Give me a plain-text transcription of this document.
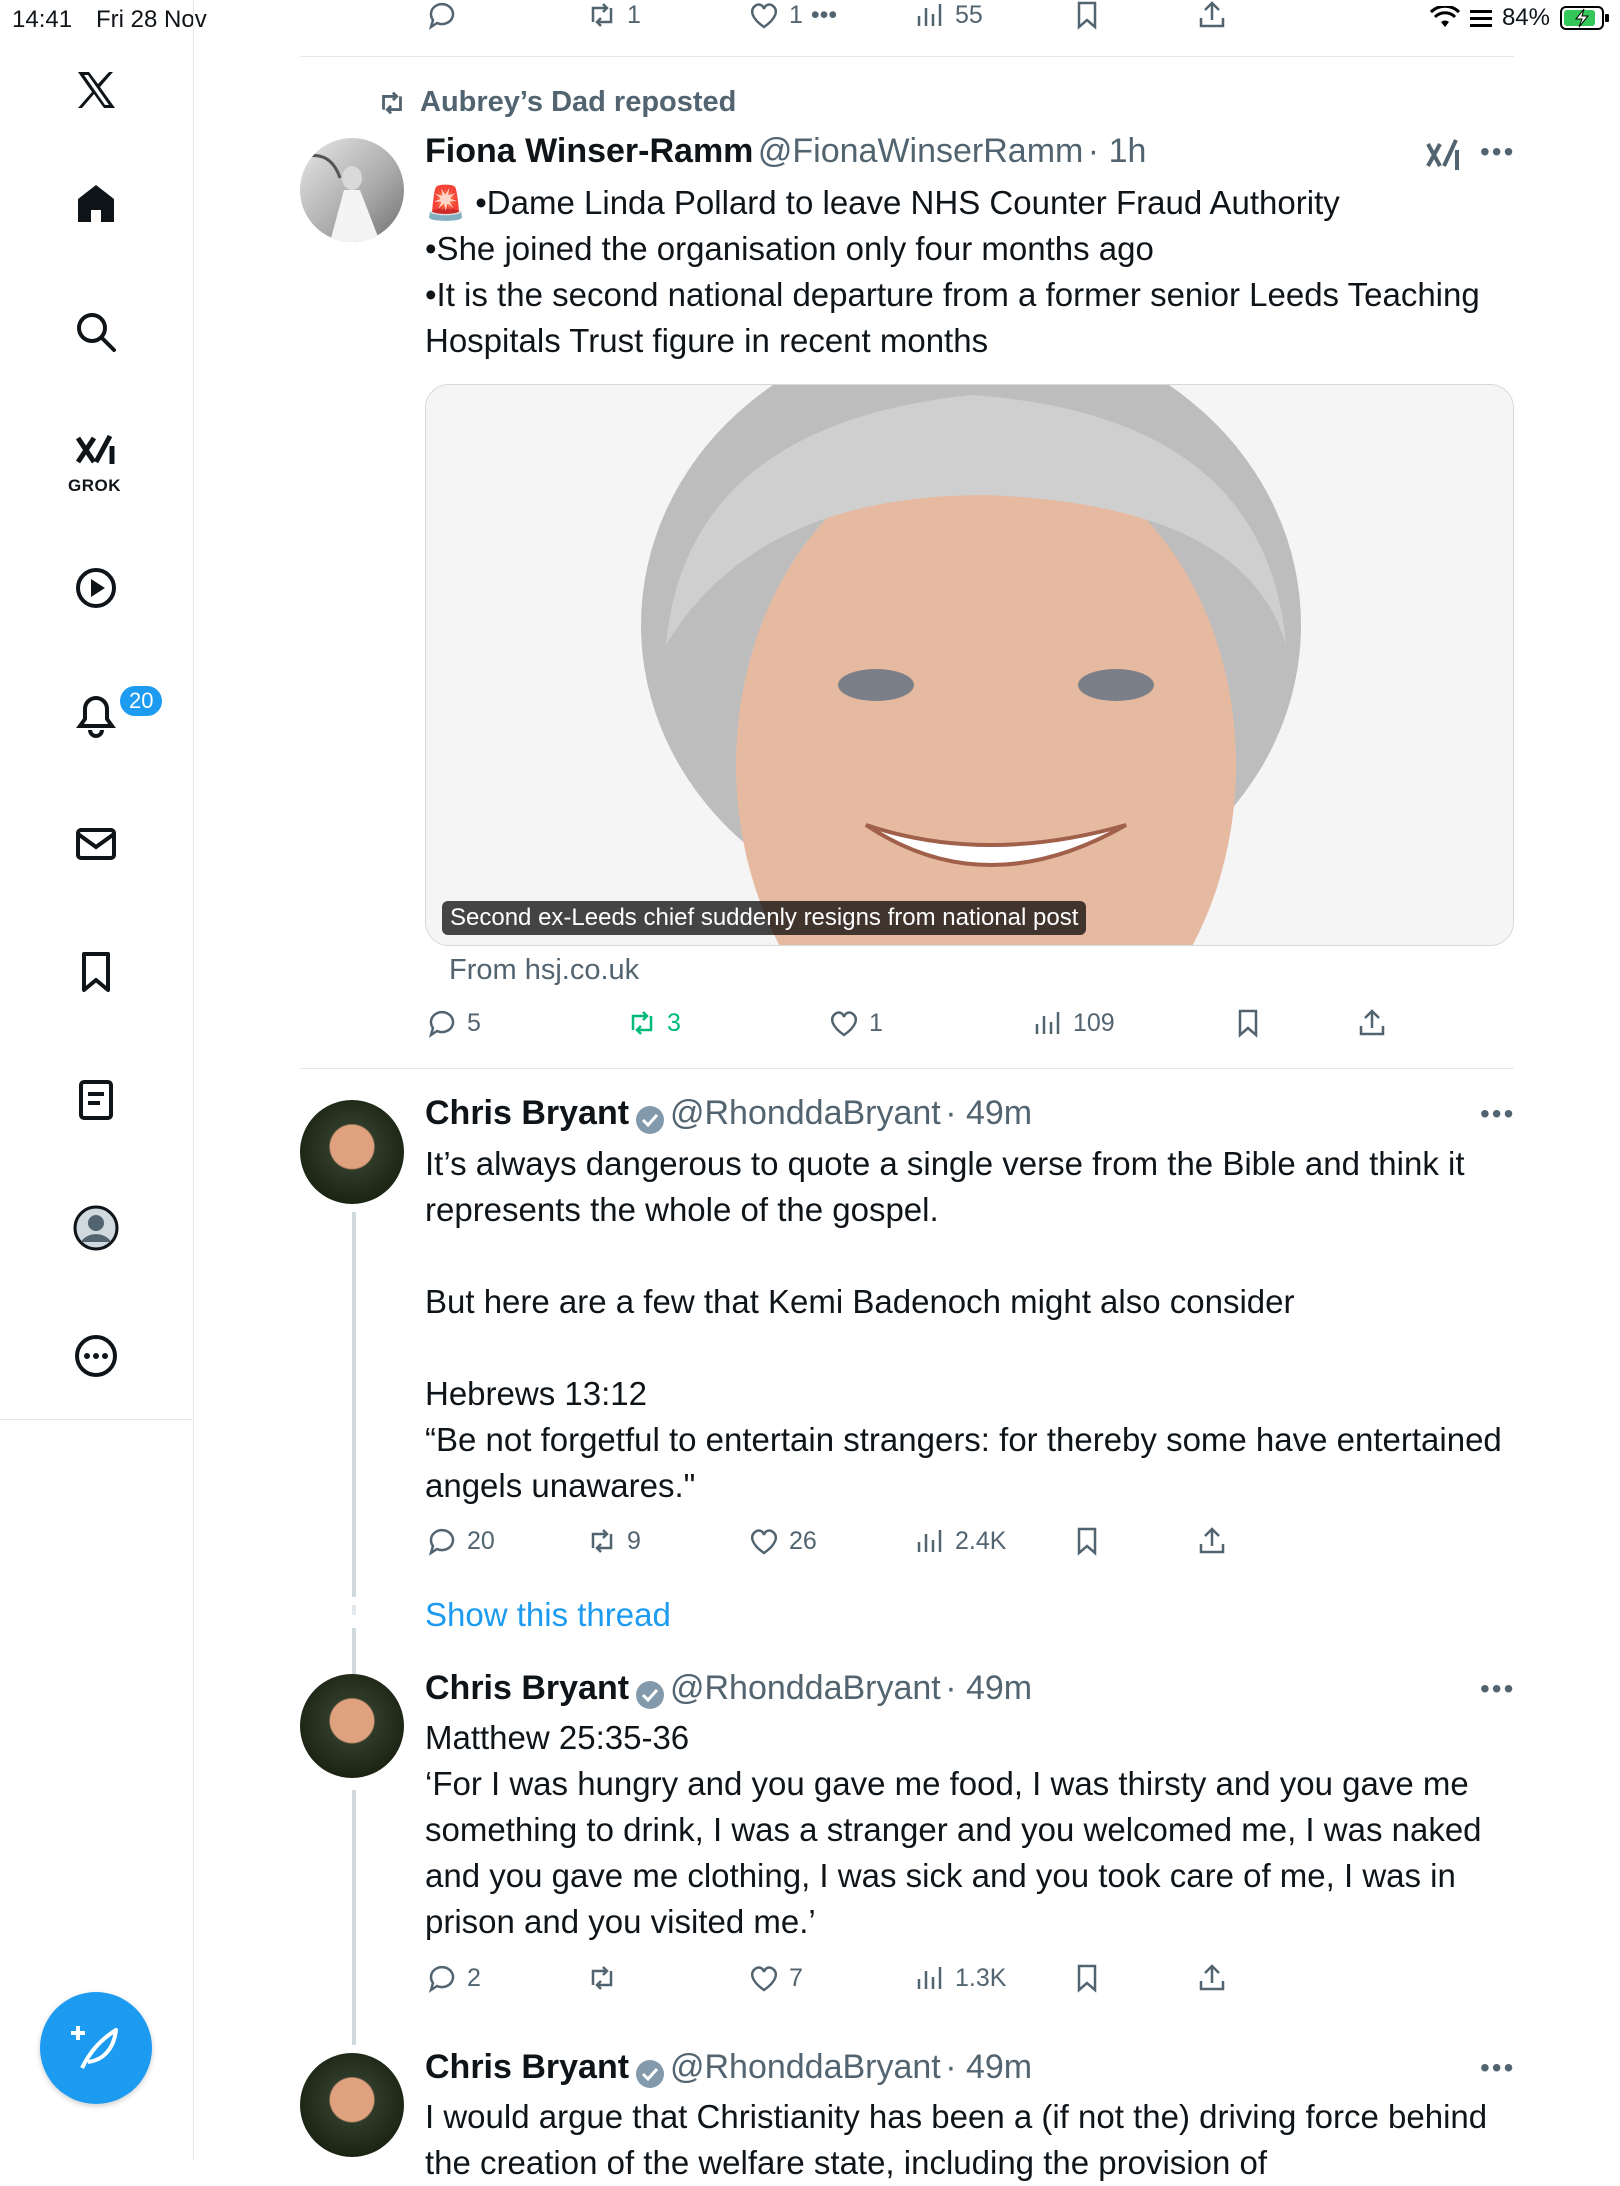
14:41 Fri 28 Nov	84%
GROK
20
1	1 •••	55
Aubrey’s Dad reposted
Fiona Winser-Ramm @FionaWinserRamm · 1h	•••
🚨 •Dame Linda Pollard to leave NHS Counter Fraud Authority
•She joined the organisation only four months ago
•It is the second national departure from a former senior Leeds Teaching Hospitals Trust figure in recent months
Second ex-Leeds chief suddenly resigns from national post
From hsj.co.uk
5	3	1	109
Chris Bryant @RhonddaBryant · 49m	•••
It’s always dangerous to quote a single verse from the Bible and think it represents the whole of the gospel.

But here are a few that Kemi Badenoch might also consider

Hebrews 13:12
“Be not forgetful to entertain strangers: for thereby some have entertained angels unawares."
20	9	26	2.4K
Show this thread
Chris Bryant @RhonddaBryant · 49m	•••
Matthew 25:35-36
‘For I was hungry and you gave me food, I was thirsty and you gave me something to drink, I was a stranger and you welcomed me, I was naked and you gave me clothing, I was sick and you took care of me, I was in prison and you visited me.’
2	7	1.3K
Chris Bryant @RhonddaBryant · 49m	•••
I would argue that Christianity has been a (if not the) driving force behind the creation of the welfare state, including the provision of
